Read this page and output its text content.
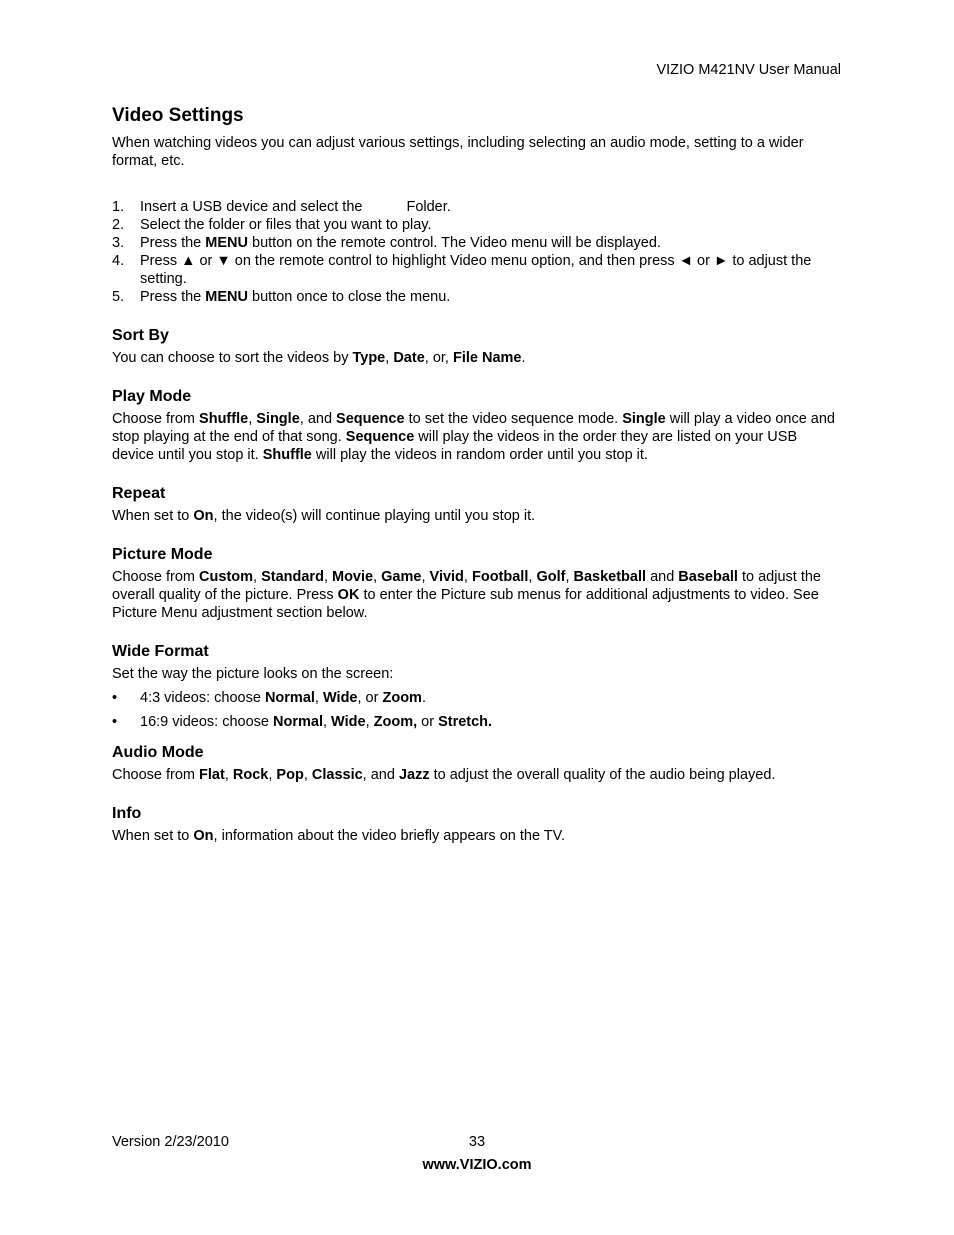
VIZIO M421NV User Manual
Video Settings

When watching videos you can adjust various settings, including selecting an audio mode, setting to a wider format, etc.

1. Insert a USB device and select the	Folder.
2. Select the folder or files that you want to play.
3. Press the MENU button on the remote control. The Video menu will be displayed.
4. Press ▲ or ▼ on the remote control to highlight Video menu option, and then press ◄ or ► to adjust the setting.
5. Press the MENU button once to close the menu.
Sort By

You can choose to sort the videos by Type, Date, or, File Name.

Play Mode

Choose from Shuffle, Single, and Sequence to set the video sequence mode. Single will play a video once and stop playing at the end of that song. Sequence will play the videos in the order they are listed on your USB device until you stop it. Shuffle will play the videos in random order until you stop it.

Repeat

When set to On, the video(s) will continue playing until you stop it.

Picture Mode

Choose from Custom, Standard, Movie, Game, Vivid, Football, Golf, Basketball and Baseball to adjust the overall quality of the picture. Press OK to enter the Picture sub menus for additional adjustments to video. See Picture Menu adjustment section below.

Wide Format

Set the way the picture looks on the screen:

• 4:3 videos: choose Normal, Wide, or Zoom.
• 16:9 videos: choose Normal, Wide, Zoom, or Stretch.
Audio Mode

Choose from Flat, Rock, Pop, Classic, and Jazz to adjust the overall quality of the audio being played.

Info

When set to On, information about the video briefly appears on the TV.

Version 2/23/2010	33
www.VIZIO.com
